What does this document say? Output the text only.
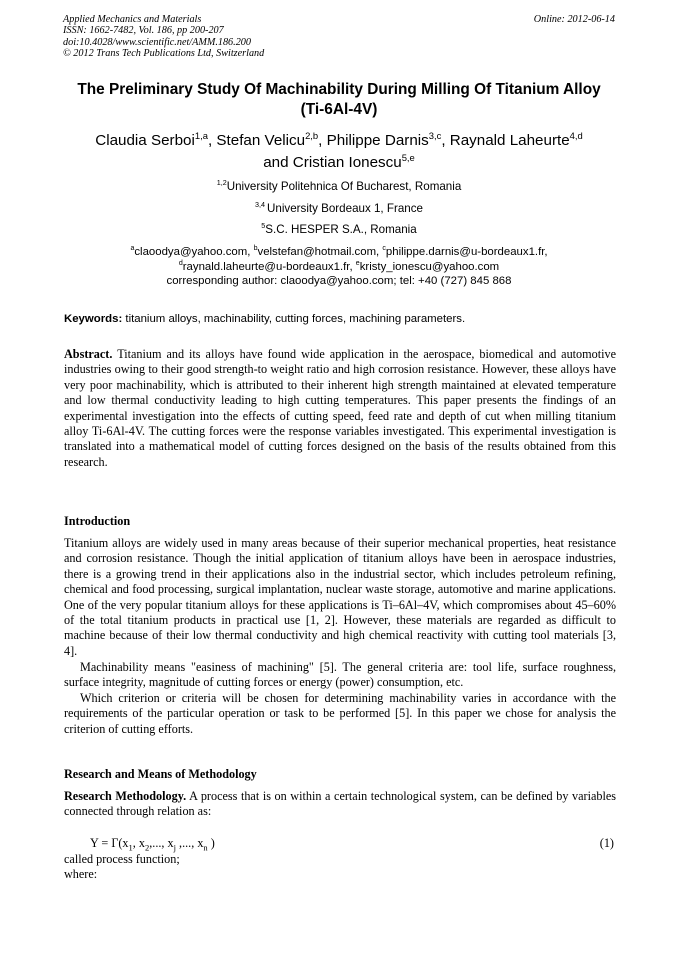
Applied Mechanics and Materials
ISSN: 1662-7482, Vol. 186, pp 200-207
doi:10.4028/www.scientific.net/AMM.186.200
© 2012 Trans Tech Publications Ltd, Switzerland
Online: 2012-06-14
The Preliminary Study Of Machinability During Milling Of Titanium Alloy
(Ti-6Al-4V)
Claudia Serboi$^{1,a}$, Stefan Velicu$^{2,b}$, Philippe Darnis$^{3,c}$, Raynald Laheurte$^{4,d}$
and Cristian Ionescu$^{5,e}$
$^{1,2}$University Politehnica Of Bucharest, Romania
$^{3,4}$ University Bordeaux 1, France
$^5$S.C. HESPER S.A., Romania
$^a$claoodya@yahoo.com, $^b$velstefan@hotmail.com, $^c$philippe.darnis@u-bordeaux1.fr,
$^d$raynald.laheurte@u-bordeaux1.fr, $^e$kristy_ionescu@yahoo.com
corresponding author: claoodya@yahoo.com; tel: +40 (727) 845 868
Keywords: titanium alloys, machinability, cutting forces, machining parameters.
Abstract. Titanium and its alloys have found wide application in the aerospace, biomedical and automotive industries owing to their good strength-to weight ratio and high corrosion resistance. However, these alloys have very poor machinability, which is attributed to their inherent high strength maintained at elevated temperature and low thermal conductivity leading to high cutting temperatures. This paper presents the findings of an experimental investigation into the effects of cutting speed, feed rate and depth of cut when milling titanium alloy Ti-6Al-4V. The cutting forces were the response variables investigated. This experimental investigation is translated into a mathematical model of cutting forces designed on the basis of the results obtained from this research.
Introduction
Titanium alloys are widely used in many areas because of their superior mechanical properties, heat resistance and corrosion resistance. Though the initial application of titanium alloys have been in aerospace industries, there is a growing trend in their applications also in the industrial sector, which includes petroleum refining, chemical and food processing, surgical implantation, nuclear waste storage, automotive and marine applications. One of the very popular titanium alloys for these applications is Ti–6Al–4V, which compromises about 45–60% of the total titanium products in practical use [1, 2]. However, these materials are regarded as difficult to machine because of their low thermal conductivity and high chemical reactivity with cutting tool materials [3, 4].
Machinability means "easiness of machining" [5]. The general criteria are: tool life, surface roughness, surface integrity, magnitude of cutting forces or energy (power) consumption, etc.
Which criterion or criteria will be chosen for determining machinability varies in accordance with the requirements of the particular operation or task to be performed [5]. In this paper we chose for analysis the criterion of cutting efforts.
Research and Means of Methodology
Research Methodology. A process that is on within a certain technological system, can be defined by variables connected through relation as:
$Y = \Gamma(x_1$, $x_2$,..., $x_j$ ,..., $x_n$ )	(1)
called process function;
where:
